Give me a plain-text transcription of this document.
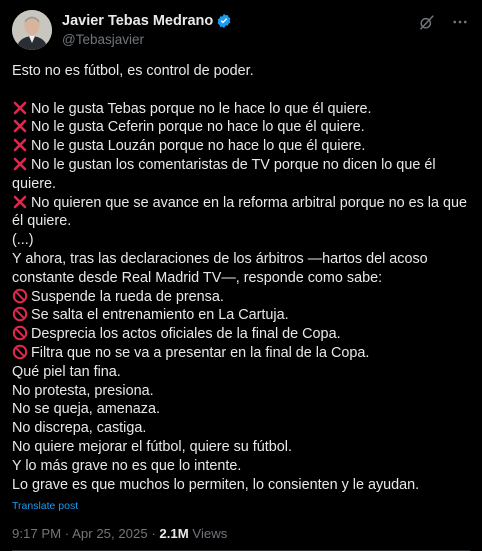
Javier Tebas Medrano
@Tebasjavier
Esto no es fútbol, es control de poder.
No le gusta Tebas porque no le hace lo que él quiere.
No le gusta Ceferin porque no hace lo que él quiere.
No le gusta Louzán porque no hace lo que él quiere.
No le gustan los comentaristas de TV porque no dicen lo que él
quiere.
No quieren que se avance en la reforma arbitral porque no es la que
él quiere.
(...)
Y ahora, tras las declaraciones de los árbitros —hartos del acoso
constante desde Real Madrid TV—, responde como sabe:
Suspende la rueda de prensa.
Se salta el entrenamiento en La Cartuja.
Desprecia los actos oficiales de la final de Copa.
Filtra que no se va a presentar en la final de la Copa.
Qué piel tan fina.
No protesta, presiona.
No se queja, amenaza.
No discrepa, castiga.
No quiere mejorar el fútbol, quiere su fútbol.
Y lo más grave no es que lo intente.
Lo grave es que muchos lo permiten, lo consienten y le ayudan.
Translate post
9:17 PM · Apr 25, 2025 · 2.1M Views
